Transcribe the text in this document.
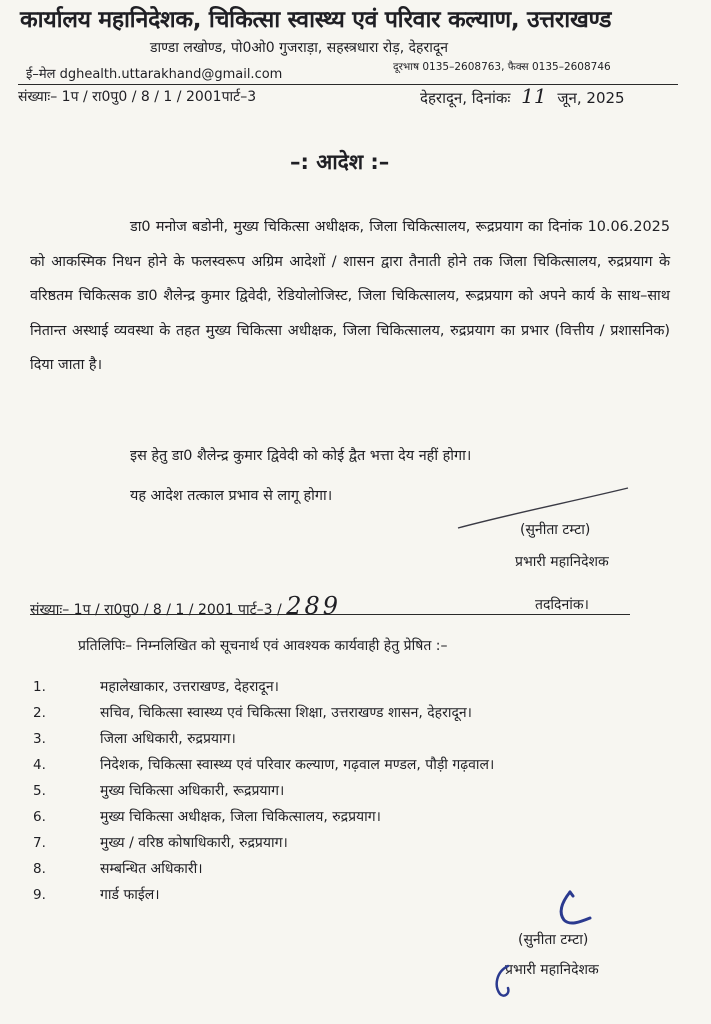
कार्यालय महानिदेशक, चिकित्सा स्वास्थ्य एवं परिवार कल्याण, उत्तराखण्ड
डाण्डा लखोण्ड, पो0ओ0 गुजराड़ा, सहस्त्रधारा रोड़, देहरादून
ई–मेल dghealth.uttarakhand@gmail.com	दूरभाष 0135–2608763, फैक्स 0135–2608746
संख्याः– 1प / रा0पु0 / 8 / 1 / 2001पार्ट–3	देहरादून, दिनांकः 11 जून, 2025
–: आदेश :–
डा0 मनोज बडोनी, मुख्य चिकित्सा अधीक्षक, जिला चिकित्सालय, रूद्रप्रयाग का दिनांक 10.06.2025 को आकस्मिक निधन होने के फलस्वरूप अग्रिम आदेशों / शासन द्वारा तैनाती होने तक जिला चिकित्सालय, रुद्रप्रयाग के वरिष्ठतम चिकित्सक डा0 शैलेन्द्र कुमार द्विवेदी, रेडियोलोजिस्ट, जिला चिकित्सालय, रूद्रप्रयाग को अपने कार्य के साथ–साथ नितान्त अस्थाई व्यवस्था के तहत मुख्य चिकित्सा अधीक्षक, जिला चिकित्सालय, रुद्रप्रयाग का प्रभार (वित्तीय / प्रशासनिक) दिया जाता है।
इस हेतु डा0 शैलेन्द्र कुमार द्विवेदी को कोई द्वैत भत्ता देय नहीं होगा।
यह आदेश तत्काल प्रभाव से लागू होगा।
(सुनीता टम्टा)
प्रभारी महानिदेशक
संख्याः– 1प / रा0पु0 / 8 / 1 / 2001 पार्ट–3 / 289	तददिनांक।
प्रतिलिपिः– निम्नलिखित को सूचनार्थ एवं आवश्यक कार्यवाही हेतु प्रेषित :–
1.	महालेखाकार, उत्तराखण्ड, देहरादून।
2.	सचिव, चिकित्सा स्वास्थ्य एवं चिकित्सा शिक्षा, उत्तराखण्ड शासन, देहरादून।
3.	जिला अधिकारी, रुद्रप्रयाग।
4.	निदेशक, चिकित्सा स्वास्थ्य एवं परिवार कल्याण, गढ़वाल मण्डल, पौड़ी गढ़वाल।
5.	मुख्य चिकित्सा अधिकारी, रूद्रप्रयाग।
6.	मुख्य चिकित्सा अधीक्षक, जिला चिकित्सालय, रुद्रप्रयाग।
7.	मुख्य / वरिष्ठ कोषाधिकारी, रुद्रप्रयाग।
8.	सम्बन्धित अधिकारी।
9.	गार्ड फाईल।
(सुनीता टम्टा)
प्रभारी महानिदेशक
